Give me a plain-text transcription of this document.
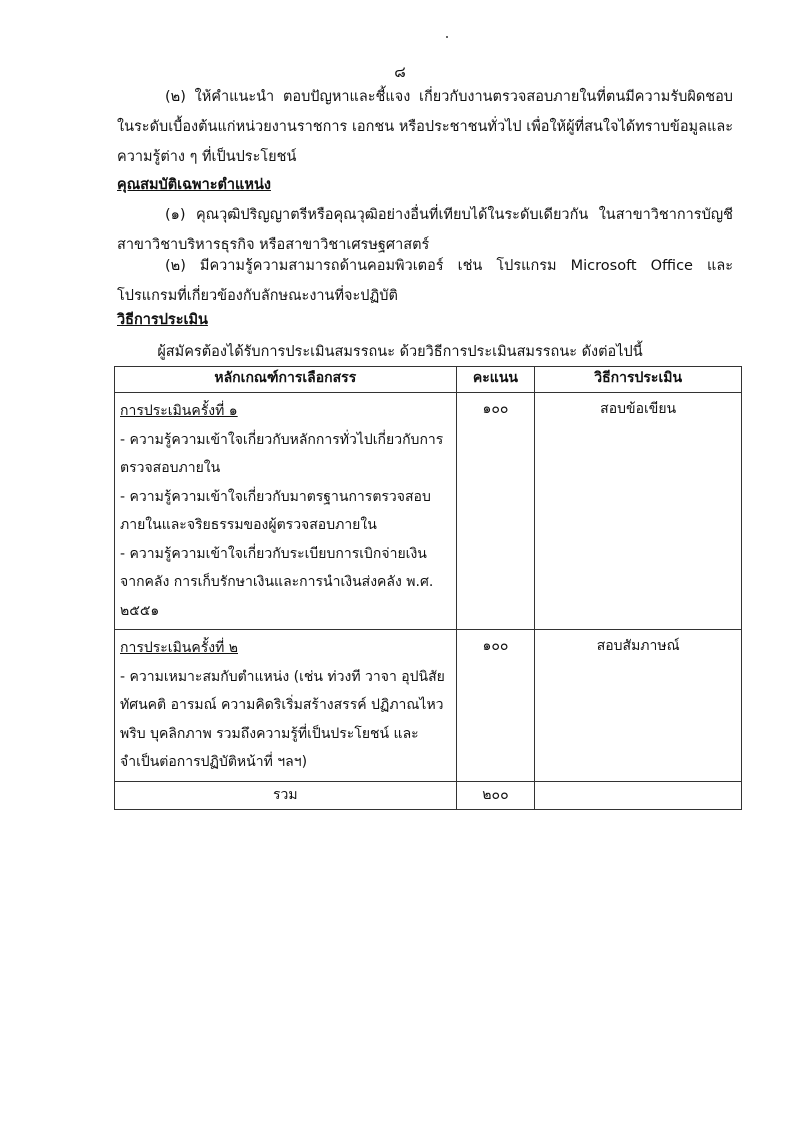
๘
(๒) ให้คำแนะนำ ตอบปัญหาและชี้แจง เกี่ยวกับงานตรวจสอบภายในที่ตนมีความรับผิดชอบในระดับเบื้องต้นแก่หน่วยงานราชการ เอกชน หรือประชาชนทั่วไป เพื่อให้ผู้ที่สนใจได้ทราบข้อมูลและความรู้ต่าง ๆ ที่เป็นประโยชน์
คุณสมบัติเฉพาะตำแหน่ง
(๑) คุณวุฒิปริญญาตรีหรือคุณวุฒิอย่างอื่นที่เทียบได้ในระดับเดียวกัน ในสาขาวิชาการบัญชี สาขาวิชาบริหารธุรกิจ หรือสาขาวิชาเศรษฐศาสตร์
(๒) มีความรู้ความสามารถด้านคอมพิวเตอร์ เช่น โปรแกรม Microsoft Office และโปรแกรมที่เกี่ยวข้องกับลักษณะงานที่จะปฏิบัติ
วิธีการประเมิน
ผู้สมัครต้องได้รับการประเมินสมรรถนะ ด้วยวิธีการประเมินสมรรถนะ ดังต่อไปนี้
หลักเกณฑ์การเลือกสรร	คะแนน	วิธีการประเมิน

การประเมินครั้งที่ ๑
- ความรู้ความเข้าใจเกี่ยวกับหลักการทั่วไปเกี่ยวกับการตรวจสอบภายใน
- ความรู้ความเข้าใจเกี่ยวกับมาตรฐานการตรวจสอบภายในและจริยธรรมของผู้ตรวจสอบภายใน
- ความรู้ความเข้าใจเกี่ยวกับระเบียบการเบิกจ่ายเงินจากคลัง การเก็บรักษาเงินและการนำเงินส่งคลัง พ.ศ. ๒๕๕๑	๑๐๐	สอบข้อเขียน

การประเมินครั้งที่ ๒
- ความเหมาะสมกับตำแหน่ง (เช่น ท่วงที วาจา อุปนิสัย ทัศนคติ อารมณ์ ความคิดริเริ่มสร้างสรรค์ ปฏิภาณไหวพริบ บุคลิกภาพ รวมถึงความรู้ที่เป็นประโยชน์ และจำเป็นต่อการปฏิบัติหน้าที่ ฯลฯ)	๑๐๐	สอบสัมภาษณ์

รวม	๒๐๐	
